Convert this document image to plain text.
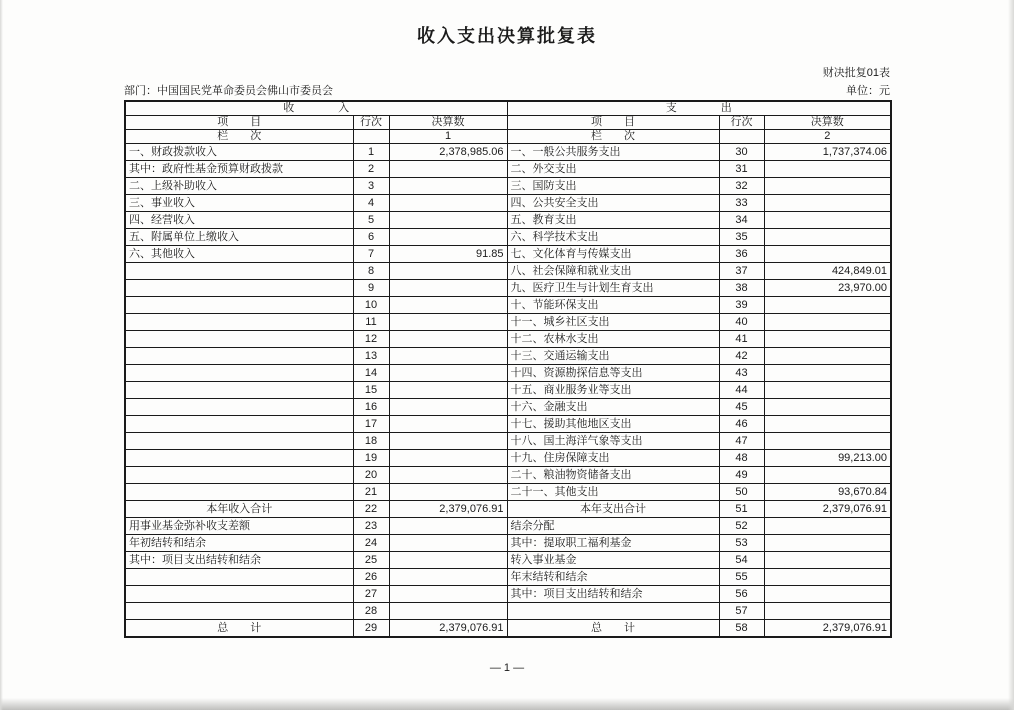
收入支出决算批复表
财决批复01表
部门：中国国民党革命委员会佛山市委员会	单位：元
收　　　　入			支　　　　出		
项　　目	行次	决算数	项　　目	行次	决算数
栏　　次		1	栏　　次		2
一、财政拨款收入	1	2,378,985.06	一、一般公共服务支出	30	1,737,374.06
其中：政府性基金预算财政拨款	2		二、外交支出	31	
二、上级补助收入	3		三、国防支出	32	
三、事业收入	4		四、公共安全支出	33	
四、经营收入	5		五、教育支出	34	
五、附属单位上缴收入	6		六、科学技术支出	35	
六、其他收入	7	91.85	七、文化体育与传媒支出	36	
	8		八、社会保障和就业支出	37	424,849.01
	9		九、医疗卫生与计划生育支出	38	23,970.00
	10		十、节能环保支出	39	
	11		十一、城乡社区支出	40	
	12		十二、农林水支出	41	
	13		十三、交通运输支出	42	
	14		十四、资源勘探信息等支出	43	
	15		十五、商业服务业等支出	44	
	16		十六、金融支出	45	
	17		十七、援助其他地区支出	46	
	18		十八、国土海洋气象等支出	47	
	19		十九、住房保障支出	48	99,213.00
	20		二十、粮油物资储备支出	49	
	21		二十一、其他支出	50	93,670.84
本年收入合计	22	2,379,076.91	本年支出合计	51	2,379,076.91
用事业基金弥补收支差额	23		结余分配	52	
年初结转和结余	24		其中：提取职工福利基金	53	
其中：项目支出结转和结余	25		转入事业基金	54	
	26		年末结转和结余	55	
	27		其中：项目支出结转和结余	56	
	28			57	
总　　计	29	2,379,076.91	总　　计	58	2,379,076.91
— 1 —
